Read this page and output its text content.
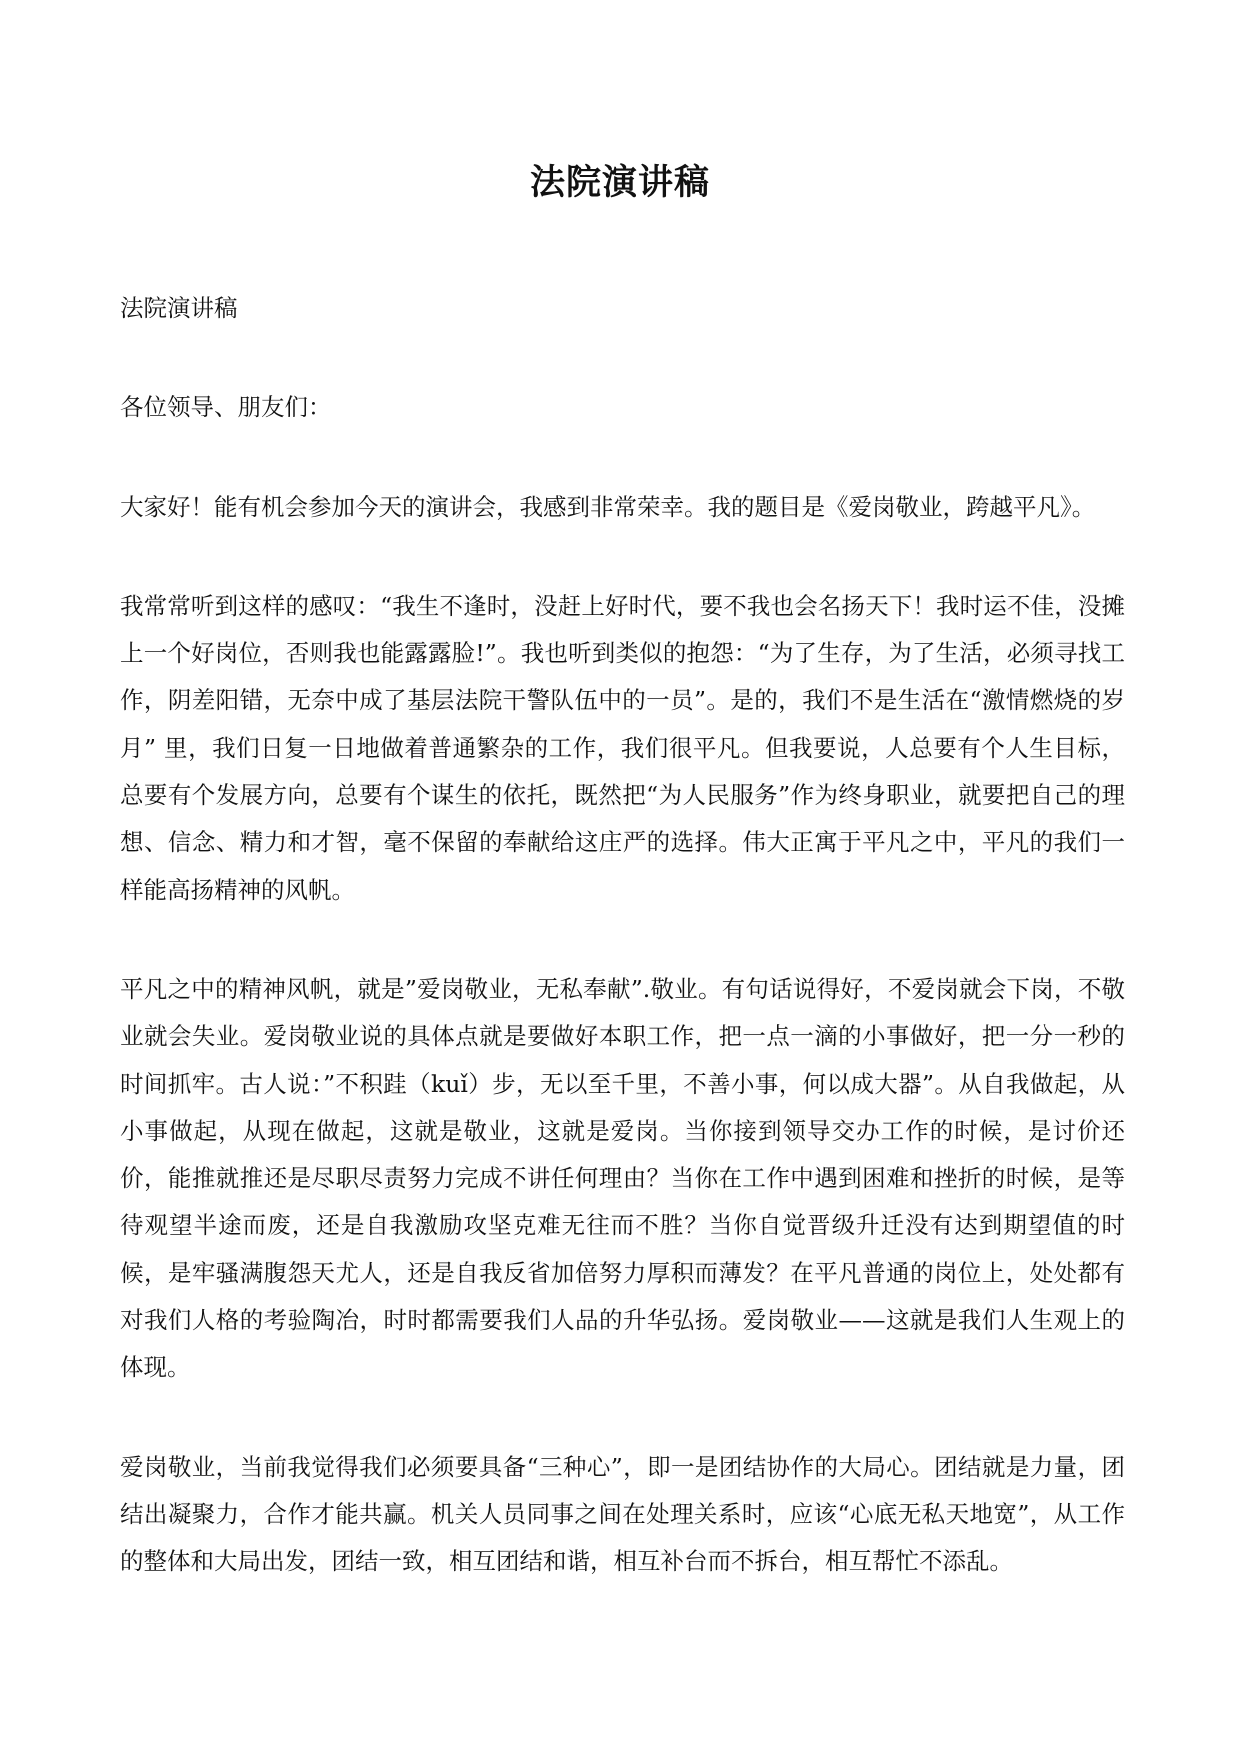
法院演讲稿

法院演讲稿

各位领导、朋友们：

大家好！能有机会参加今天的演讲会，我感到非常荣幸。我的题目是《爱岗敬业，跨越平凡》。

我常常听到这样的感叹：“我生不逢时，没赶上好时代，要不我也会名扬天下！我时运不佳，没摊上一个好岗位，否则我也能露露脸!”。我也听到类似的抱怨：“为了生存，为了生活，必须寻找工作，阴差阳错，无奈中成了基层法院干警队伍中的一员”。是的，我们不是生活在“激情燃烧的岁月” 里，我们日复一日地做着普通繁杂的工作，我们很平凡。但我要说，人总要有个人生目标，总要有个发展方向，总要有个谋生的依托，既然把“为人民服务”作为终身职业，就要把自己的理想、信念、精力和才智，毫不保留的奉献给这庄严的选择。伟大正寓于平凡之中，平凡的我们一样能高扬精神的风帆。

平凡之中的精神风帆，就是”爱岗敬业，无私奉献”.敬业。有句话说得好，不爱岗就会下岗，不敬业就会失业。爱岗敬业说的具体点就是要做好本职工作，把一点一滴的小事做好，把一分一秒的时间抓牢。古人说：”不积跬（kuǐ）步，无以至千里，不善小事，何以成大器”。从自我做起，从小事做起，从现在做起，这就是敬业，这就是爱岗。当你接到领导交办工作的时候，是讨价还价，能推就推还是尽职尽责努力完成不讲任何理由？当你在工作中遇到困难和挫折的时候，是等待观望半途而废，还是自我激励攻坚克难无往而不胜？当你自觉晋级升迁没有达到期望值的时候，是牢骚满腹怨天尤人，还是自我反省加倍努力厚积而薄发？在平凡普通的岗位上，处处都有对我们人格的考验陶冶，时时都需要我们人品的升华弘扬。爱岗敬业——这就是我们人生观上的体现。

爱岗敬业，当前我觉得我们必须要具备“三种心”，即一是团结协作的大局心。团结就是力量，团结出凝聚力，合作才能共赢。机关人员同事之间在处理关系时，应该“心底无私天地宽”，从工作的整体和大局出发，团结一致，相互团结和谐，相互补台而不拆台，相互帮忙不添乱。
